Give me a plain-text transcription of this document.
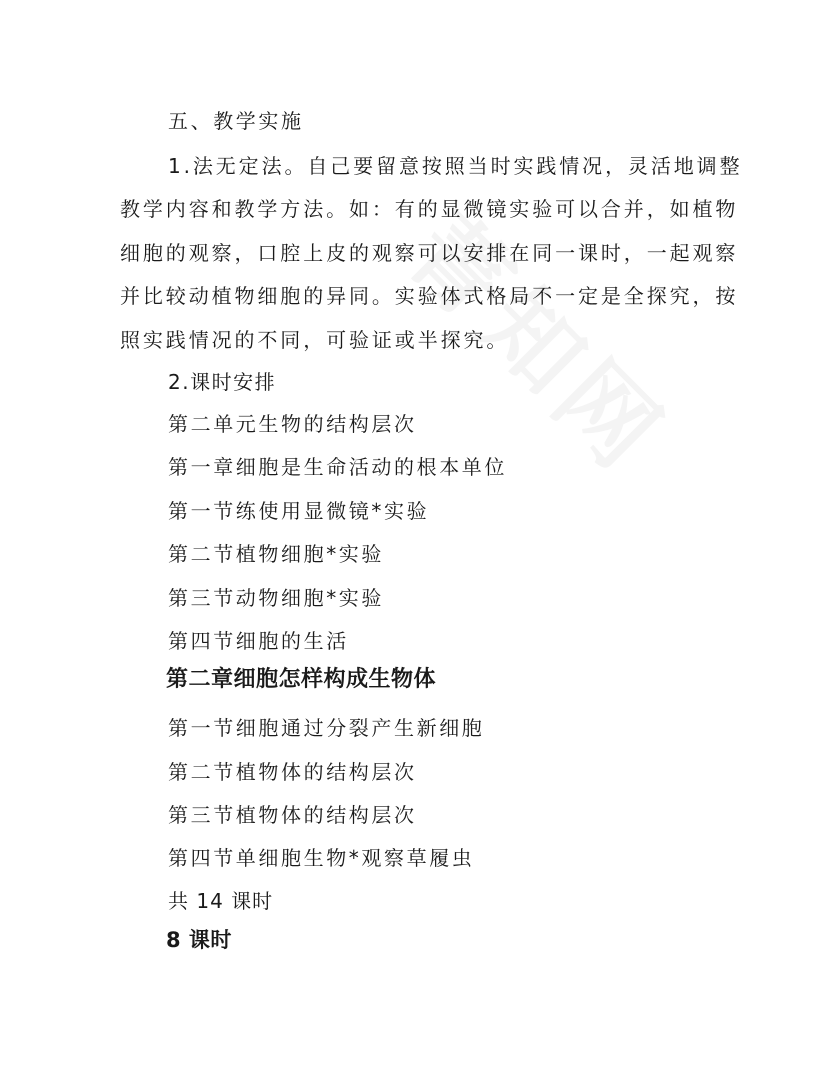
五、教学实施
1.法无定法。自己要留意按照当时实践情况，灵活地调整
教学内容和教学方法。如：有的显微镜实验可以合并，如植物
细胞的观察，口腔上皮的观察可以安排在同一课时，一起观察
并比较动植物细胞的异同。实验体式格局不一定是全探究，按
照实践情况的不同，可验证或半探究。
2.课时安排
第二单元生物的结构层次
第一章细胞是生命活动的根本单位
第一节练使用显微镜*实验
第二节植物细胞*实验
第三节动物细胞*实验
第四节细胞的生活
第二章细胞怎样构成生物体
第一节细胞通过分裂产生新细胞
第二节植物体的结构层次
第三节植物体的结构层次
第四节单细胞生物*观察草履虫
共 14 课时
8 课时
